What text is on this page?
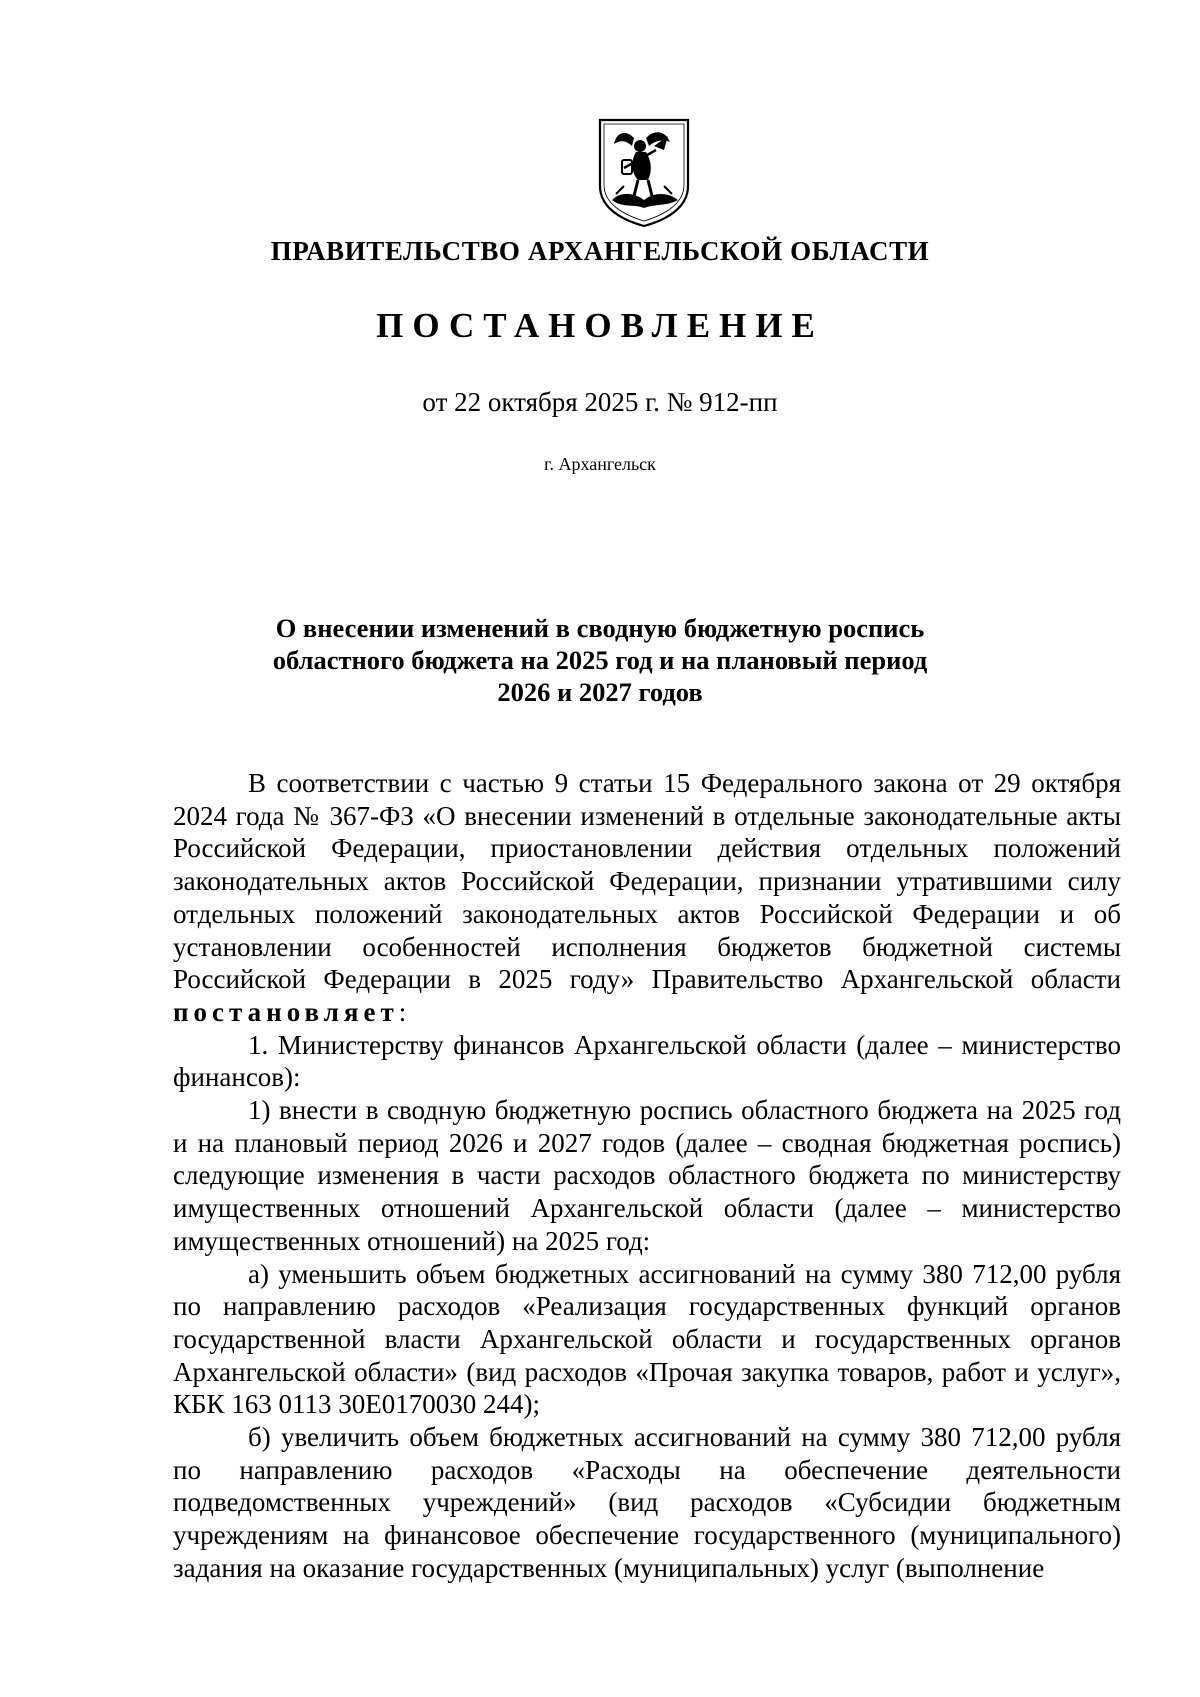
ПРАВИТЕЛЬСТВО АРХАНГЕЛЬСКОЙ ОБЛАСТИ
ПОСТАНОВЛЕНИЕ
от 22 октября 2025 г. № 912-пп
г. Архангельск
О внесении изменений в сводную бюджетную роспись
областного бюджета на 2025 год и на плановый период
2026 и 2027 годов

В соответствии с частью 9 статьи 15 Федерального закона от 29 октября 2024 года № 367-ФЗ «О внесении изменений в отдельные законодательные акты Российской Федерации, приостановлении действия отдельных положений законодательных актов Российской Федерации, признании утратившими силу отдельных положений законодательных актов Российской Федерации и об установлении особенностей исполнения бюджетов бюджетной системы Российской Федерации в 2025 году» Правительство Архангельской области постановляет:

1. Министерству финансов Архангельской области (далее – министерство финансов):

1) внести в сводную бюджетную роспись областного бюджета на 2025 год и на плановый период 2026 и 2027 годов (далее – сводная бюджетная роспись) следующие изменения в части расходов областного бюджета по министерству имущественных отношений Архангельской области (далее – министерство имущественных отношений) на 2025 год:

а) уменьшить объем бюджетных ассигнований на сумму 380 712,00 рубля по направлению расходов «Реализация государственных функций органов государственной власти Архангельской области и государственных органов Архангельской области» (вид расходов «Прочая закупка товаров, работ и услуг», КБК 163 0113 30Е0170030 244);

б) увеличить объем бюджетных ассигнований на сумму 380 712,00 рубля по направлению расходов «Расходы на обеспечение деятельности подведомственных учреждений» (вид расходов «Субсидии бюджетным учреждениям на финансовое обеспечение государственного (муниципального) задания на оказание государственных (муниципальных) услуг (выполнение
